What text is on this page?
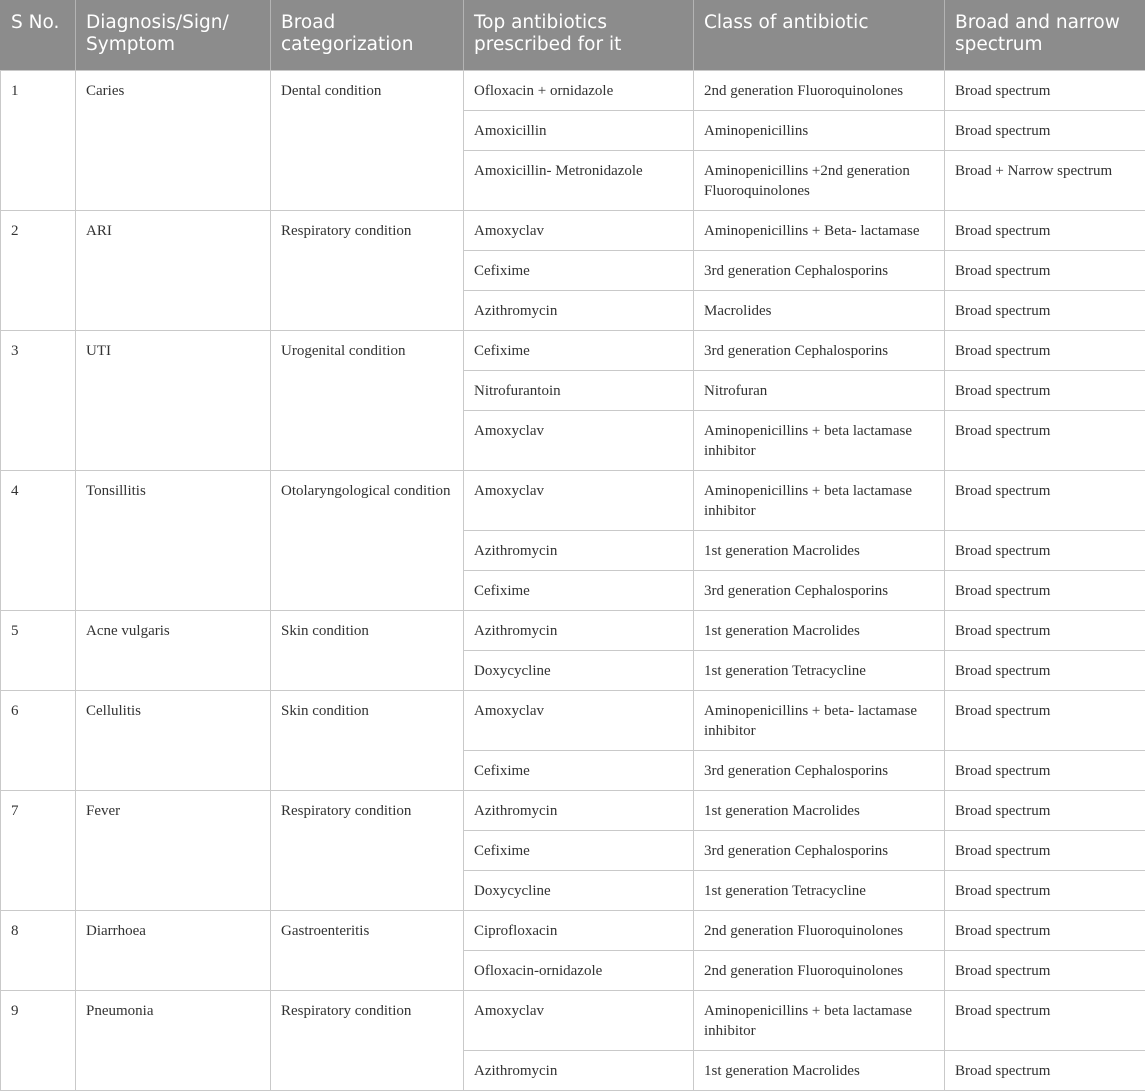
S No.	Diagnosis/Sign/ Symptom	Broad categorization	Top antibiotics prescribed for it	Class of antibiotic	Broad and narrow spectrum
1	Caries	Dental condition	Ofloxacin + ornidazole	2nd generation Fluoroquinolones	Broad spectrum
			Amoxicillin	Aminopenicillins	Broad spectrum
			Amoxicillin- Metronidazole	Aminopenicillins +2nd generation Fluoroquinolones	Broad + Narrow spectrum
2	ARI	Respiratory condition	Amoxyclav	Aminopenicillins + Beta- lactamase	Broad spectrum
			Cefixime	3rd generation Cephalosporins	Broad spectrum
			Azithromycin	Macrolides	Broad spectrum
3	UTI	Urogenital condition	Cefixime	3rd generation Cephalosporins	Broad spectrum
			Nitrofurantoin	Nitrofuran	Broad spectrum
			Amoxyclav	Aminopenicillins + beta lactamase inhibitor	Broad spectrum
4	Tonsillitis	Otolaryngological condition	Amoxyclav	Aminopenicillins + beta lactamase inhibitor	Broad spectrum
			Azithromycin	1st generation Macrolides	Broad spectrum
			Cefixime	3rd generation Cephalosporins	Broad spectrum
5	Acne vulgaris	Skin condition	Azithromycin	1st generation Macrolides	Broad spectrum
			Doxycycline	1st generation Tetracycline	Broad spectrum
6	Cellulitis	Skin condition	Amoxyclav	Aminopenicillins + beta- lactamase inhibitor	Broad spectrum
			Cefixime	3rd generation Cephalosporins	Broad spectrum
7	Fever	Respiratory condition	Azithromycin	1st generation Macrolides	Broad spectrum
			Cefixime	3rd generation Cephalosporins	Broad spectrum
			Doxycycline	1st generation Tetracycline	Broad spectrum
8	Diarrhoea	Gastroenteritis	Ciprofloxacin	2nd generation Fluoroquinolones	Broad spectrum
			Ofloxacin-ornidazole	2nd generation Fluoroquinolones	Broad spectrum
9	Pneumonia	Respiratory condition	Amoxyclav	Aminopenicillins + beta lactamase inhibitor	Broad spectrum
			Azithromycin	1st generation Macrolides	Broad spectrum
